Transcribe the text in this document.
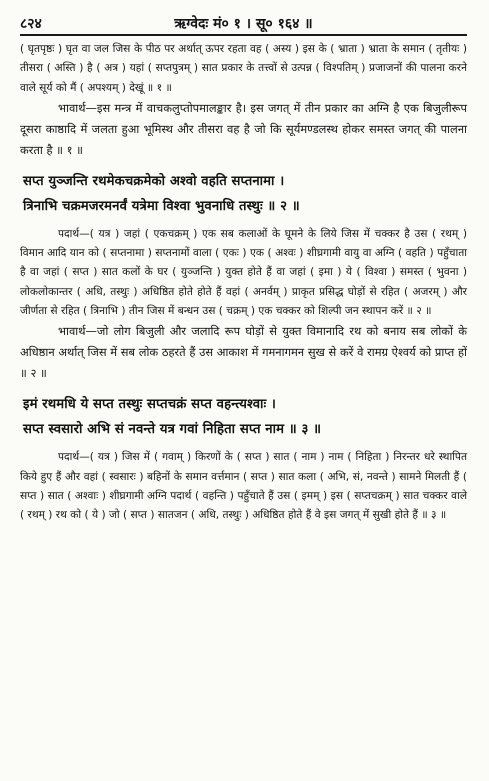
८२४	ऋग्वेदः मं० १ । सू० १६४ ॥

( घृतपृष्ठः ) घृत वा जल जिस के पीठ पर अर्थात् ऊपर रहता वह ( अस्य ) इस के ( भ्राता ) भ्राता के समान ( तृतीयः ) तीसरा ( अस्ति ) है ( अत्र ) यहां ( सप्तपुत्रम् ) सात प्रकार के तत्त्वों से उत्पन्न ( विश्पतिम् ) प्रजाजनों की पालना करने वाले सूर्य को मैं ( अपश्यम् ) देखूं ॥ १ ॥

भावार्थ—इस मन्त्र में वाचकलुप्तोपमालङ्कार है। इस जगत् में तीन प्रकार का अग्नि है एक बिजुलीरूप दूसरा काष्ठादि में जलता हुआ भूमिस्थ और तीसरा वह है जो कि सूर्यमण्डलस्थ होकर समस्त जगत् की पालना करता है ॥ १ ॥

सप्त युञ्जन्ति रथमेकचक्रमेको अश्वो वहति सप्तनामा ।
त्रिनाभि चक्रमजरमनर्वं यत्रेमा विश्वा भुवनाधि तस्थुः ॥ २ ॥

पदार्थ—( यत्र ) जहां ( एकचक्रम् ) एक सब कलाओं के घूमने के लिये जिस में चक्कर है उस ( रथम् ) विमान आदि यान को ( सप्तनामा ) सप्तनामों वाला ( एकः ) एक ( अश्वः ) शीघ्रगामी वायु वा अग्नि ( वहति ) पहुँचाता है वा जहां ( सप्त ) सात कलों के घर ( युञ्जन्ति ) युक्त होते हैं वा जहां ( इमा ) ये ( विश्वा ) समस्त ( भुवना ) लोकलोकान्तर ( अधि, तस्थुः ) अधिष्ठित होते होते हैं वहां ( अनर्वम् ) प्राकृत प्रसिद्ध घोड़ों से रहित ( अजरम् ) और जीर्णता से रहित ( त्रिनाभि ) तीन जिस में बन्धन उस ( चक्रम् ) एक चक्कर को शिल्पी जन स्थापन करें ॥ २ ॥

भावार्थ—जो लोग बिजुली और जलादि रूप घोड़ों से युक्त विमानादि रथ को बनाय सब लोकों के अधिष्ठान अर्थात् जिस में सब लोक ठहरते हैं उस आकाश में गमनागमन सुख से करें वे रामग्र ऐश्वर्य को प्राप्त हों ॥ २ ॥

इमं रथमधि ये सप्त तस्थुः सप्तचक्रं सप्त वहन्त्यश्वाः ।
सप्त स्वसारो अभि सं नवन्ते यत्र गवां निहिता सप्त नाम ॥ ३ ॥

पदार्थ—( यत्र ) जिस में ( गवाम् ) किरणों के ( सप्त ) सात ( नाम ) नाम ( निहिता ) निरन्तर धरे स्थापित किये हुए हैं और वहां ( स्वसारः ) बहिनों के समान वर्त्तमान ( सप्त ) सात कला ( अभि, सं, नवन्ते ) सामने मिलती हैं ( सप्त ) सात ( अश्वाः ) शीघ्रगामी अग्नि पदार्थ ( वहन्ति ) पहुँचाते हैं उस ( इमम् ) इस ( सप्तचक्रम् ) सात चक्कर वाले ( रथम् ) रथ को ( ये ) जो ( सप्त ) सातजन ( अधि, तस्थुः ) अधिष्ठित होते हैं वे इस जगत् में सुखी होते हैं ॥ ३ ॥
